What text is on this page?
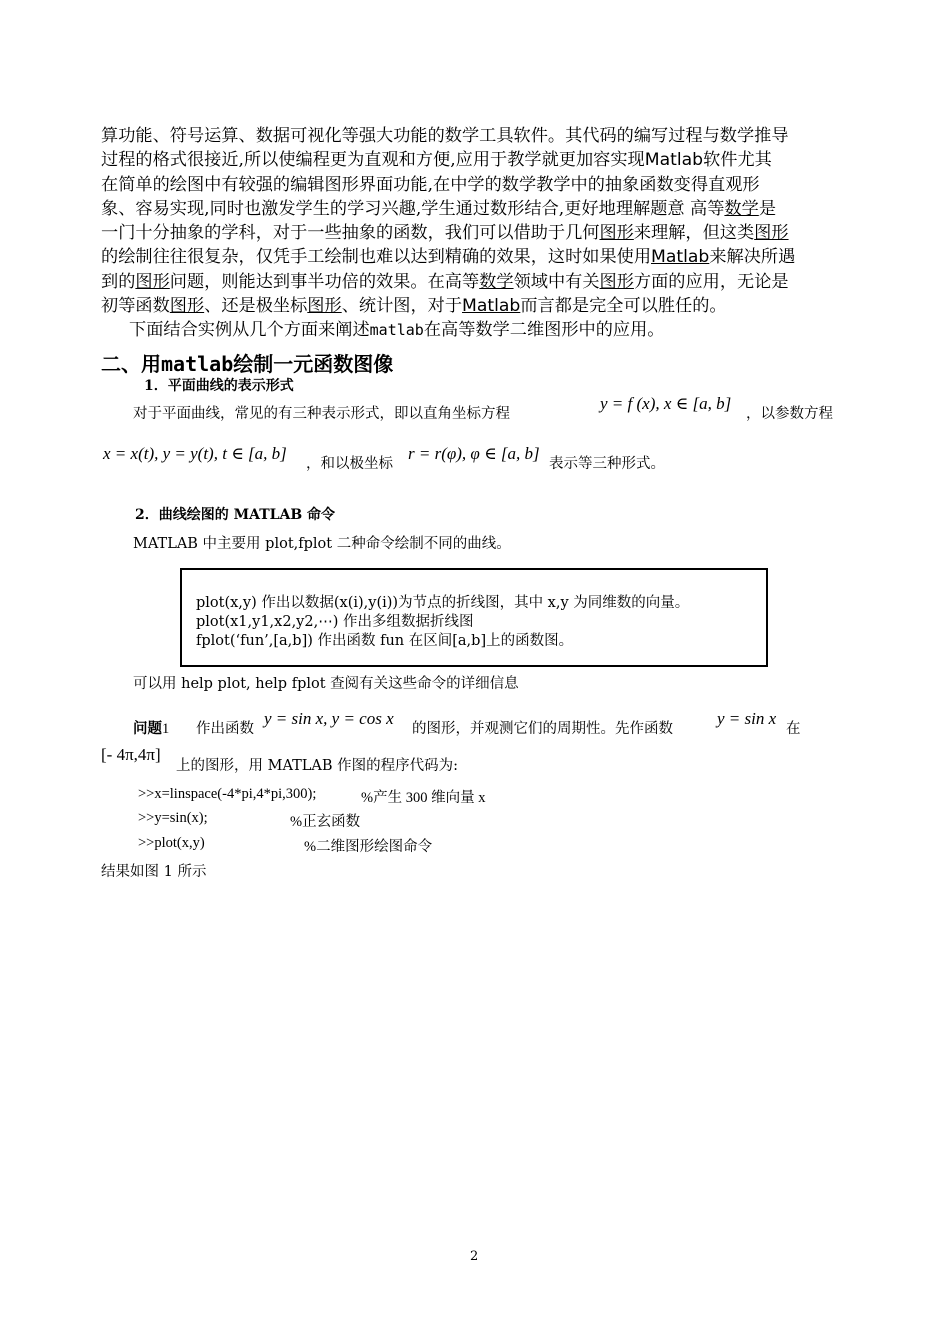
算功能、符号运算、数据可视化等强大功能的数学工具软件。其代码的编写过程与数学推导

过程的格式很接近,所以使编程更为直观和方便,应用于教学就更加容实现Matlab软件尤其

在简单的绘图中有较强的编辑图形界面功能,在中学的数学教学中的抽象函数变得直观形

象、容易实现,同时也激发学生的学习兴趣,学生通过数形结合,更好地理解题意 高等数学是

一门十分抽象的学科，对于一些抽象的函数，我们可以借助于几何图形来理解，但这类图形

的绘制往往很复杂，仅凭手工绘制也难以达到精确的效果，这时如果使用Matlab来解决所遇

到的图形问题，则能达到事半功倍的效果。在高等数学领域中有关图形方面的应用，无论是

初等函数图形、还是极坐标图形、统计图，对于Matlab而言都是完全可以胜任的。

下面结合实例从几个方面来阐述matlab在高等数学二维图形中的应用。

二、用matlab绘制一元函数图像
1．平面曲线的表示形式
对于平面曲线，常见的有三种表示形式，即以直角坐标方程
y = f (x), x ∈ [a, b]
，以参数方程
x = x(t), y = y(t), t ∈ [a, b]
，和以极坐标
r = r(φ), φ ∈ [a, b]
表示等三种形式。
2．曲线绘图的 MATLAB 命令
MATLAB 中主要用 plot,fplot 二种命令绘制不同的曲线。
plot(x,y) 作出以数据(x(i),y(i))为节点的折线图，其中 x,y 为同维数的向量。
plot(x1,y1,x2,y2,⋯) 作出多组数据折线图
fplot(‘fun’,[a,b]) 作出函数 fun 在区间[a,b]上的函数图。
可以用 help plot, help fplot 查阅有关这些命令的详细信息
问题1 作出函数
y = sin x, y = cos x
的图形，并观测它们的周期性。先作函数
y = sin x
在
[- 4π,4π]
上的图形，用 MATLAB 作图的程序代码为:
>>x=linspace(-4*pi,4*pi,300);	%产生 300 维向量 x
>>y=sin(x);	%正玄函数
>>plot(x,y)	%二维图形绘图命令
结果如图 1 所示
2
